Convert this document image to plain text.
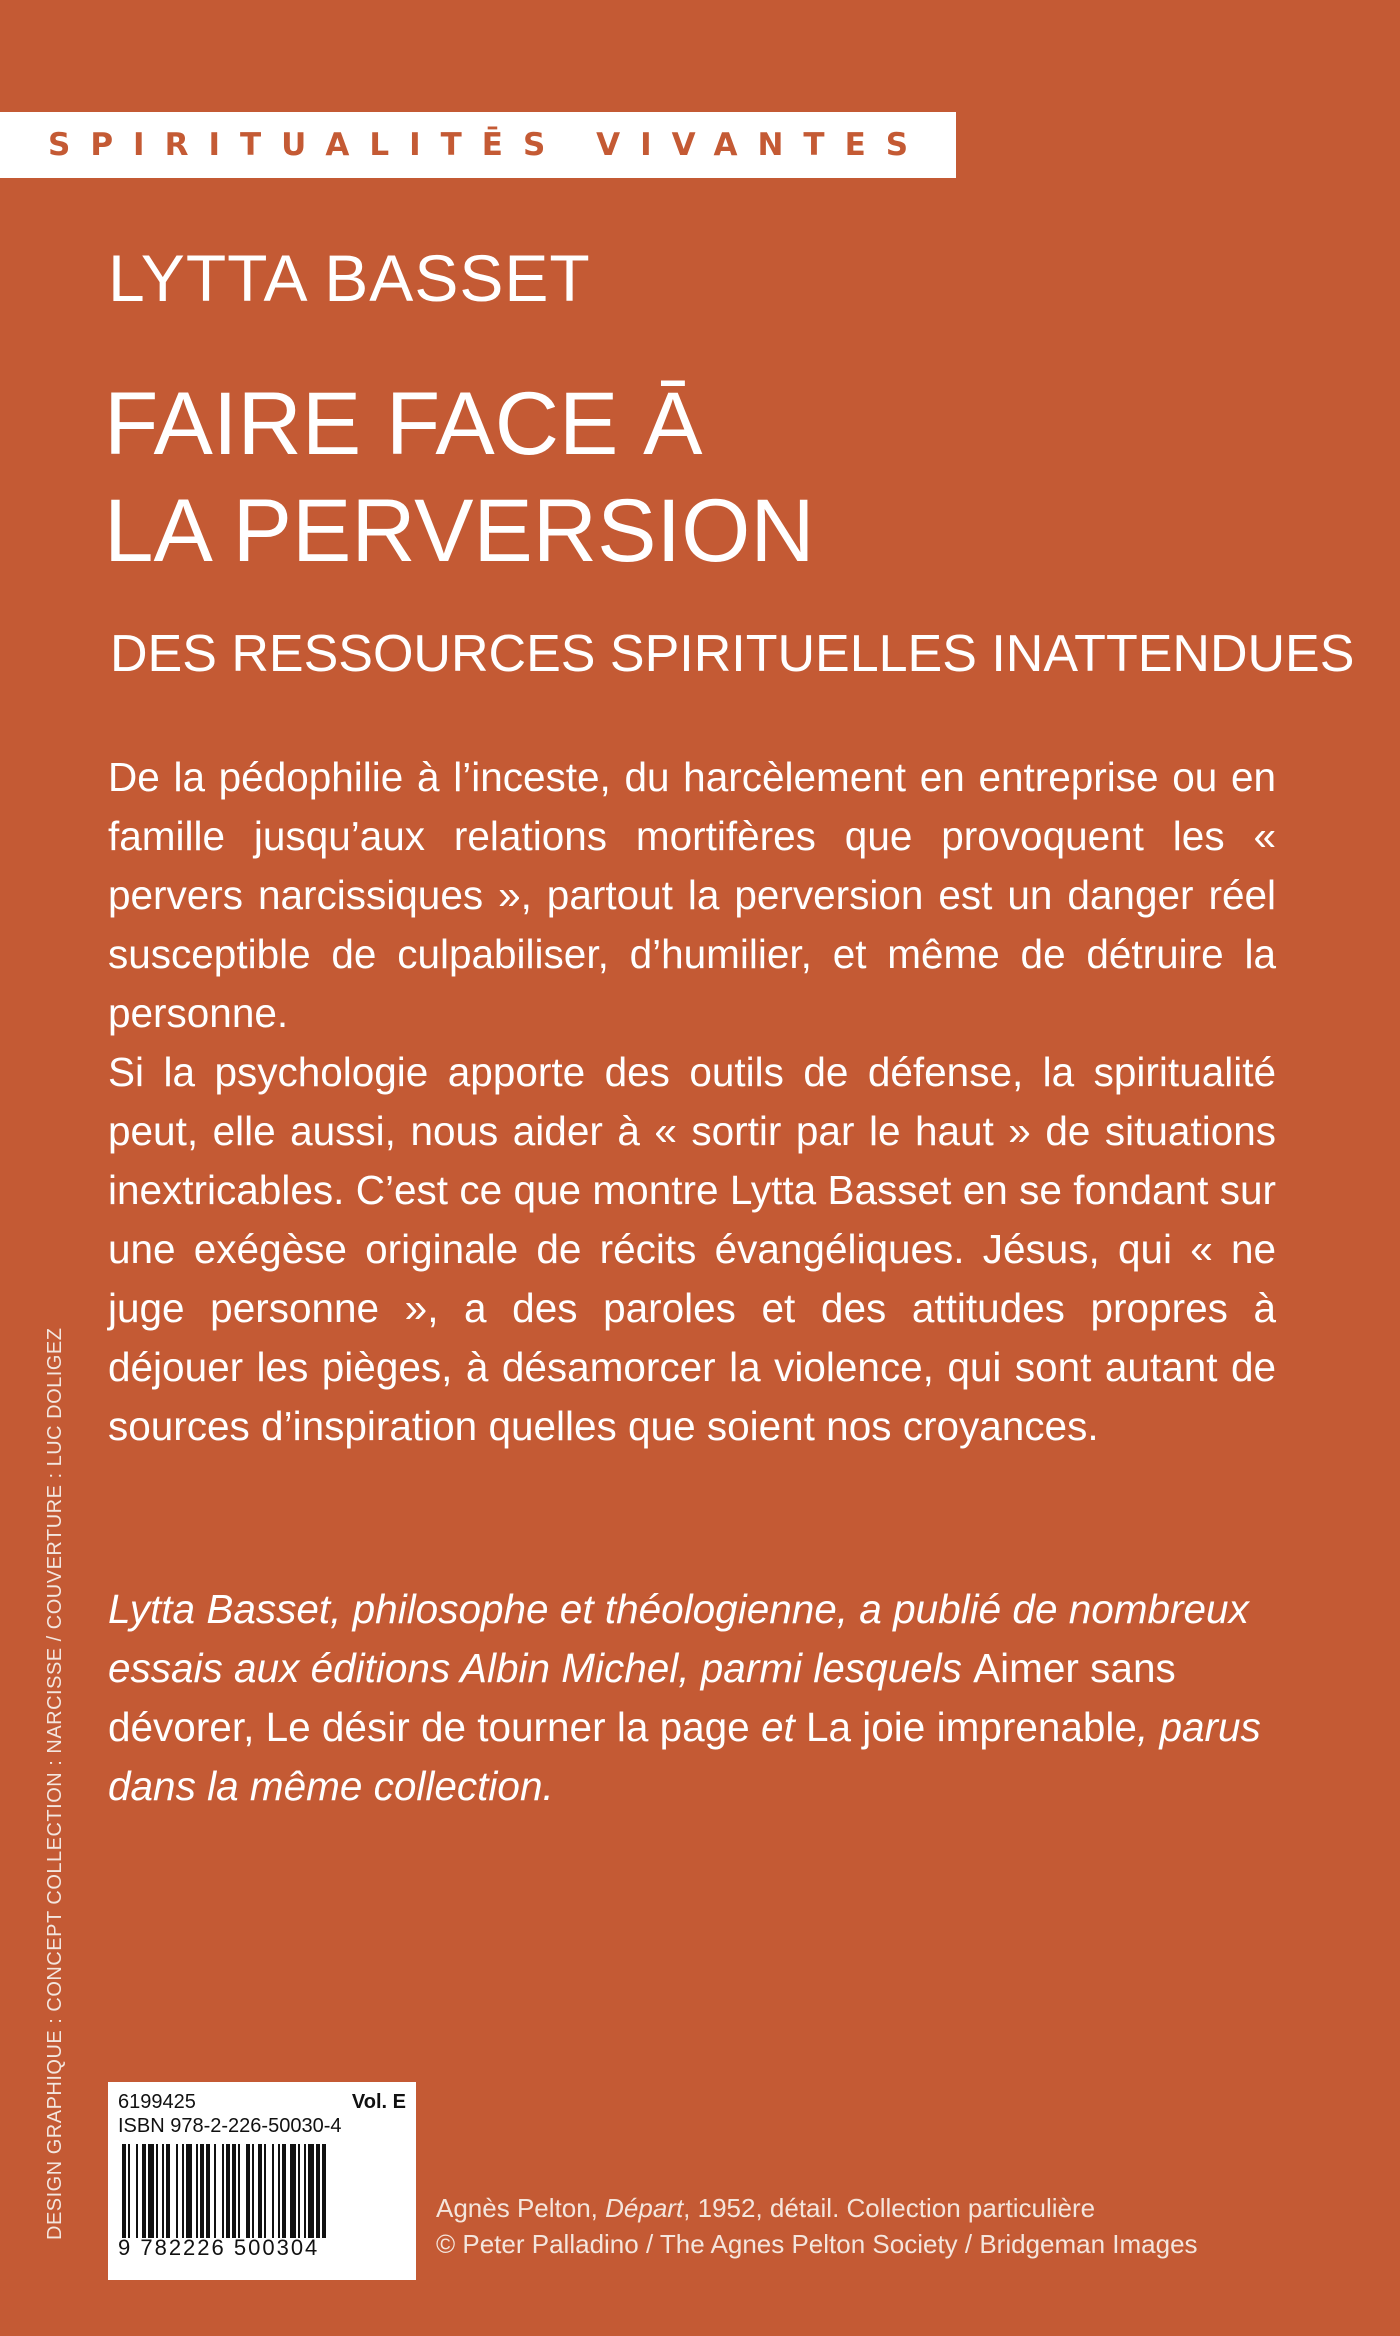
SPIRITUALITĒS VIVANTES
LYTTA BASSET
FAIRE FACE Ā
LA PERVERSION
DES RESSOURCES SPIRITUELLES INATTENDUES

De la pédophilie à l’inceste, du harcèlement en entreprise ou en famille jusqu’aux relations mortifères que provoquent les « pervers narcissiques », partout la perversion est un danger réel susceptible de culpabiliser, d’humilier, et même de détruire la personne.

Si la psychologie apporte des outils de défense, la spiritualité peut, elle aussi, nous aider à « sortir par le haut » de situations inextricables. C’est ce que montre Lytta Basset en se fondant sur une exégèse originale de récits évangéliques. Jésus, qui « ne juge personne », a des paroles et des attitudes propres à déjouer les pièges, à désamorcer la violence, qui sont autant de sources d’inspiration quelles que soient nos croyances.

Lytta Basset, philosophe et théologienne, a publié de nombreux essais aux éditions Albin Michel, parmi lesquels Aimer sans dévorer, Le désir de tourner la page et La joie imprenable, parus dans la même collection.
DESIGN GRAPHIQUE : CONCEPT COLLECTION : NARCISSE / COUVERTURE : LUC DOLIGEZ	6199425	Vol. E
ISBN 978-2-226-50030-4
9 782226 500304
Agnès Pelton, Départ, 1952, détail. Collection particulière
© Peter Palladino / The Agnes Pelton Society / Bridgeman Images
